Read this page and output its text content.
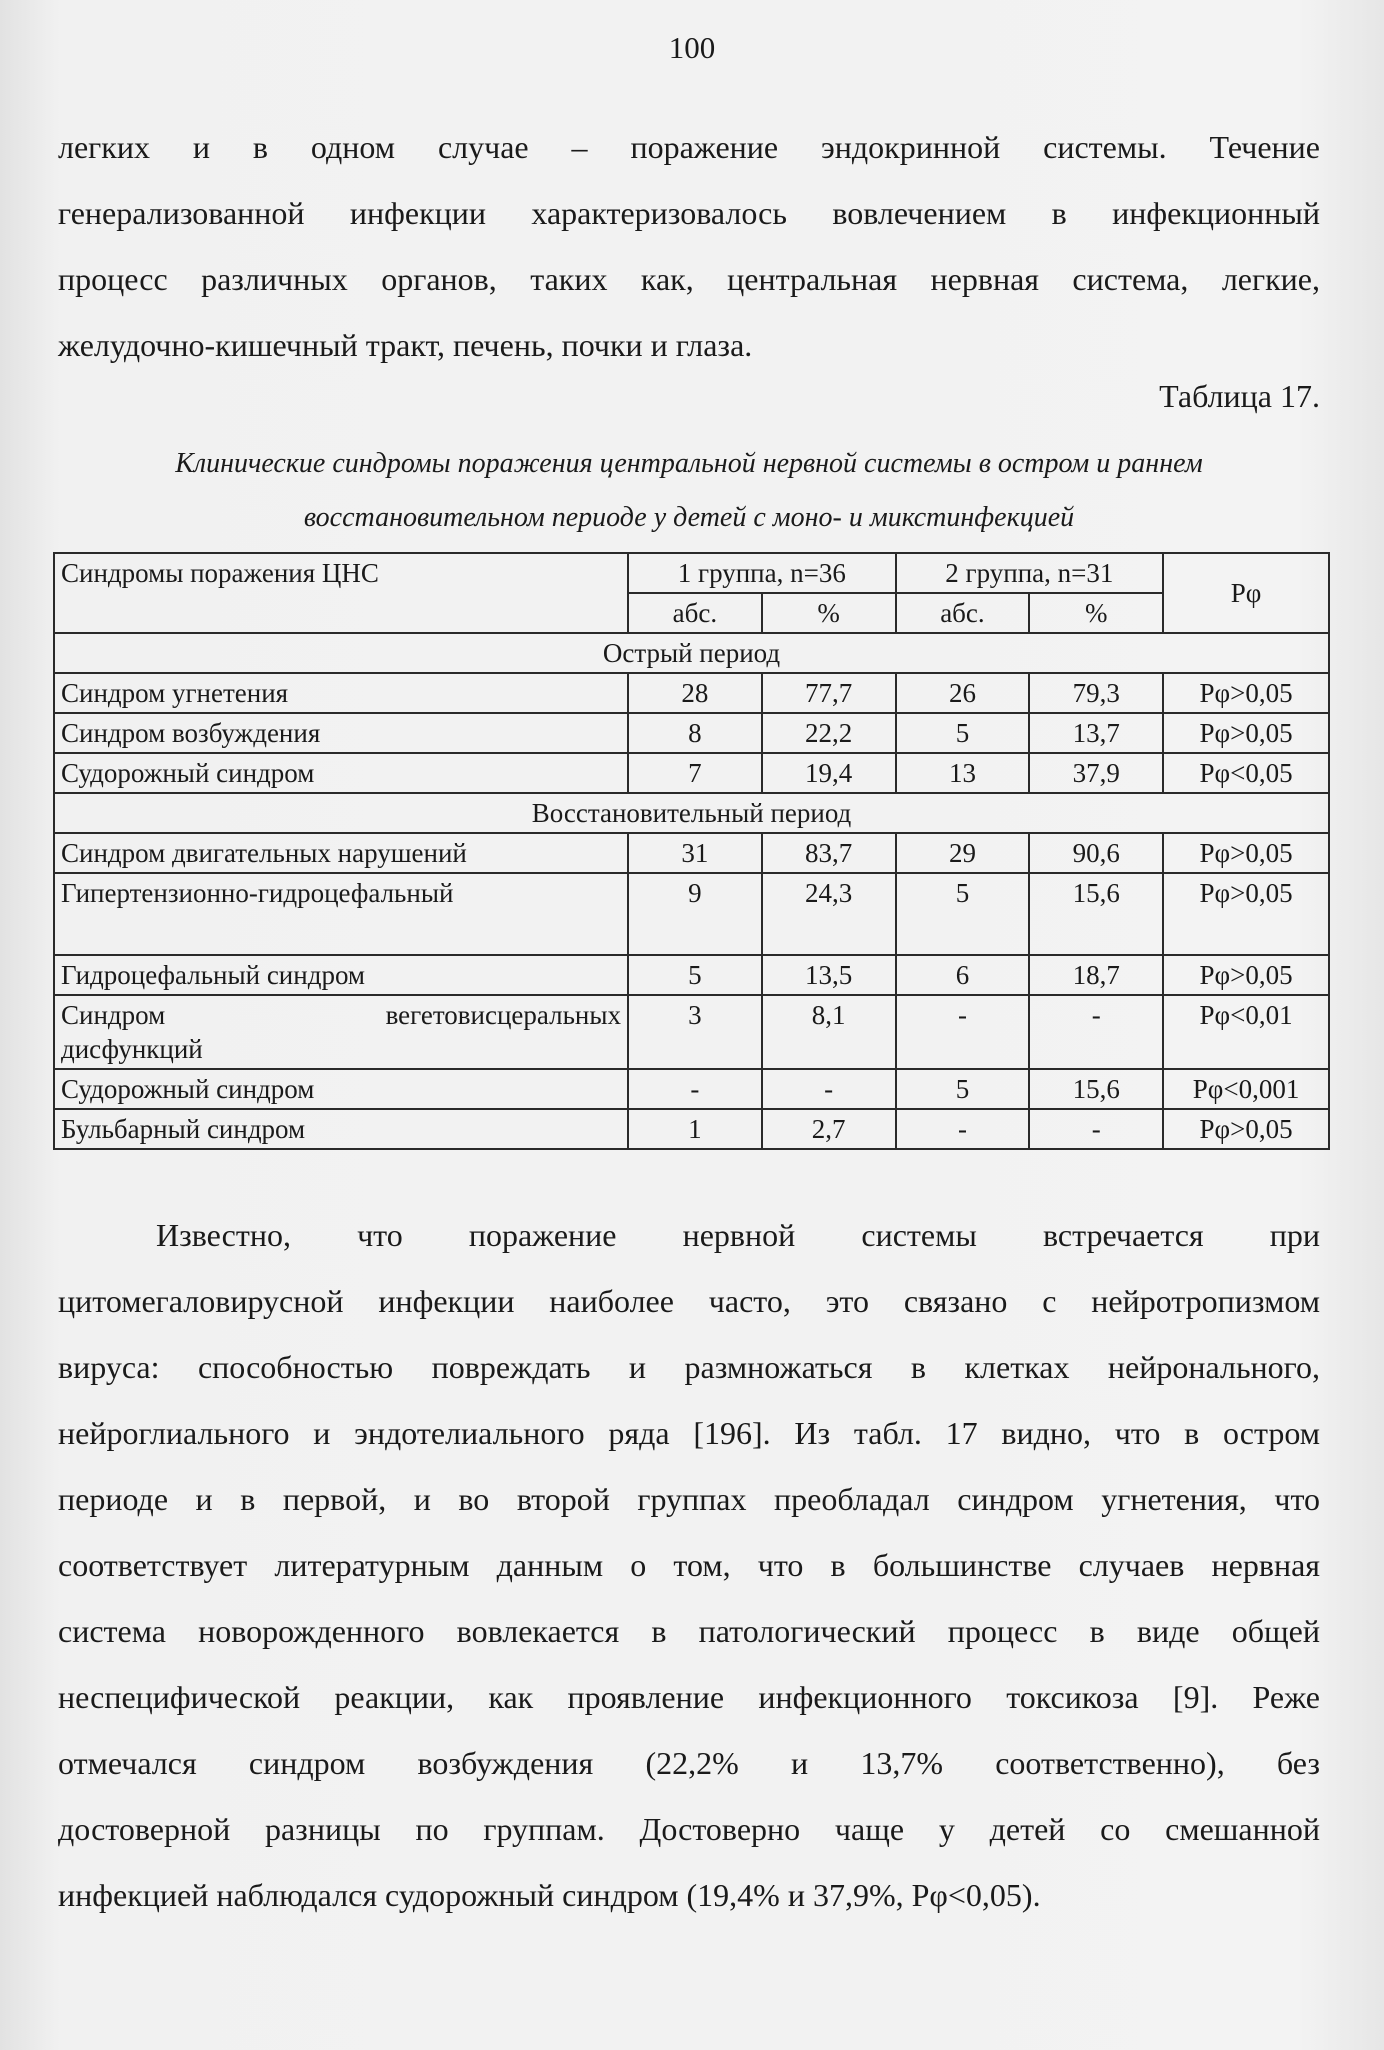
100
легких и в одном случае – поражение эндокринной системы. Течение
генерализованной инфекции характеризовалось вовлечением в инфекционный
процесс различных органов, таких как, центральная нервная система, легкие,
желудочно-кишечный тракт, печень, почки и глаза.
Таблица 17.
Клинические синдромы поражения центральной нервной системы в остром и раннем
восстановительном периоде у детей с моно- и микстинфекцией
Синдромы поражения ЦНС	1 группа, n=36		2 группа, n=31		Рφ
	абс.	%	абс.	%	
Острый период					
Синдром угнетения	28	77,7	26	79,3	Рφ>0,05
Синдром возбуждения	8	22,2	5	13,7	Рφ>0,05
Судорожный синдром	7	19,4	13	37,9	Рφ<0,05
Восстановительный период					
Синдром двигательных нарушений	31	83,7	29	90,6	Рφ>0,05
Гипертензионно-гидроцефальный	9	24,3	5	15,6	Рφ>0,05
Гидроцефальный синдром	5	13,5	6	18,7	Рφ>0,05

Синдром вегетовисцеральных
дисфункций	3	8,1	-	-	Рφ<0,01
Судорожный синдром	-	-	5	15,6	Рφ<0,001
Бульбарный синдром	1	2,7	-	-	Рφ>0,05
Известно, что поражение нервной системы встречается при
цитомегаловирусной инфекции наиболее часто, это связано с нейротропизмом
вируса: способностью повреждать и размножаться в клетках нейронального,
нейроглиального и эндотелиального ряда [196]. Из табл. 17 видно, что в остром
периоде и в первой, и во второй группах преобладал синдром угнетения, что
соответствует литературным данным о том, что в большинстве случаев нервная
система новорожденного вовлекается в патологический процесс в виде общей
неспецифической реакции, как проявление инфекционного токсикоза [9]. Реже
отмечался синдром возбуждения (22,2% и 13,7% соответственно), без
достоверной разницы по группам. Достоверно чаще у детей со смешанной
инфекцией наблюдался судорожный синдром (19,4% и 37,9%, Рφ<0,05).
